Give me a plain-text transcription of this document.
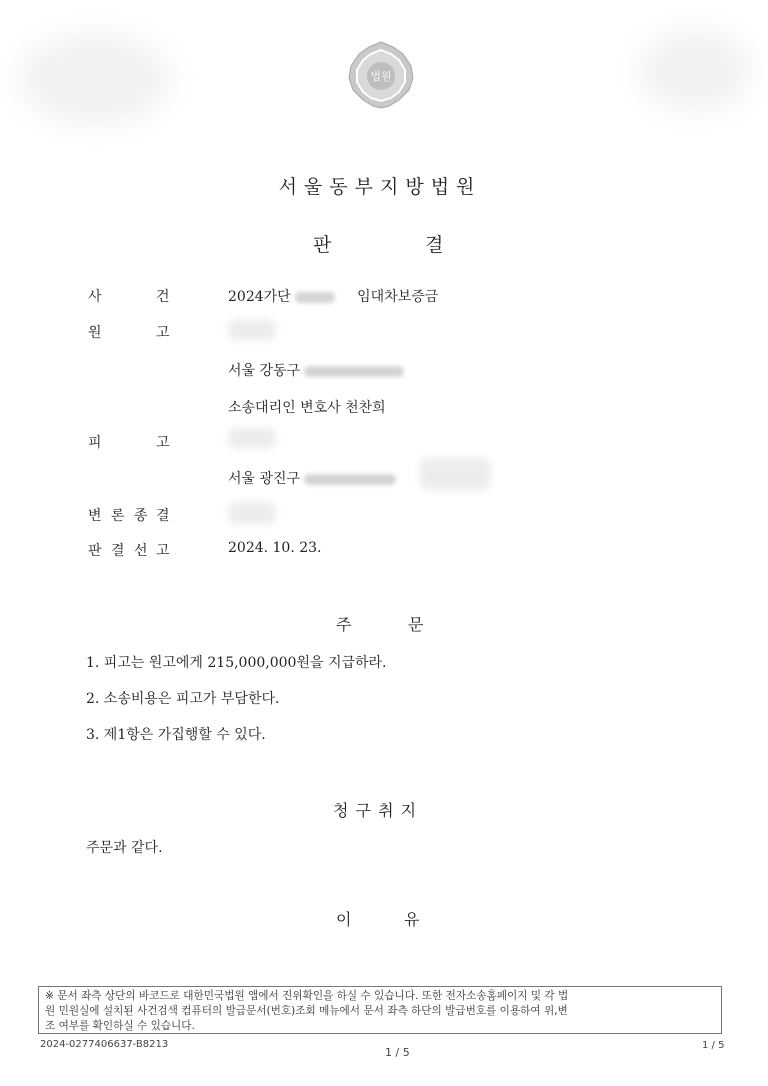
법원
서울동부지방법원
판	결
사	건	2024가단	임대차보증금
원	고
서울 강동구
소송대리인 변호사 천찬희
피	고
서울 광진구
변 론 종 결
판 결 선 고	2024. 10. 23.
주	문
1. 피고는 원고에게 215,000,000원을 지급하라.
2. 소송비용은 피고가 부담한다.
3. 제1항은 가집행할 수 있다.
청 구 취 지
주문과 같다.
이	유
※ 문서 좌측 상단의 바코드로 대한민국법원 앱에서 진위확인을 하실 수 있습니다. 또한 전자소송홈페이지 및 각 법
원 민원실에 설치된 사건검색 컴퓨터의 발급문서(번호)조회 메뉴에서 문서 좌측 하단의 발급번호를 이용하여 위,변
조 여부를 확인하실 수 있습니다.
2024-0277406637-B8213
1 / 5
1 / 5
